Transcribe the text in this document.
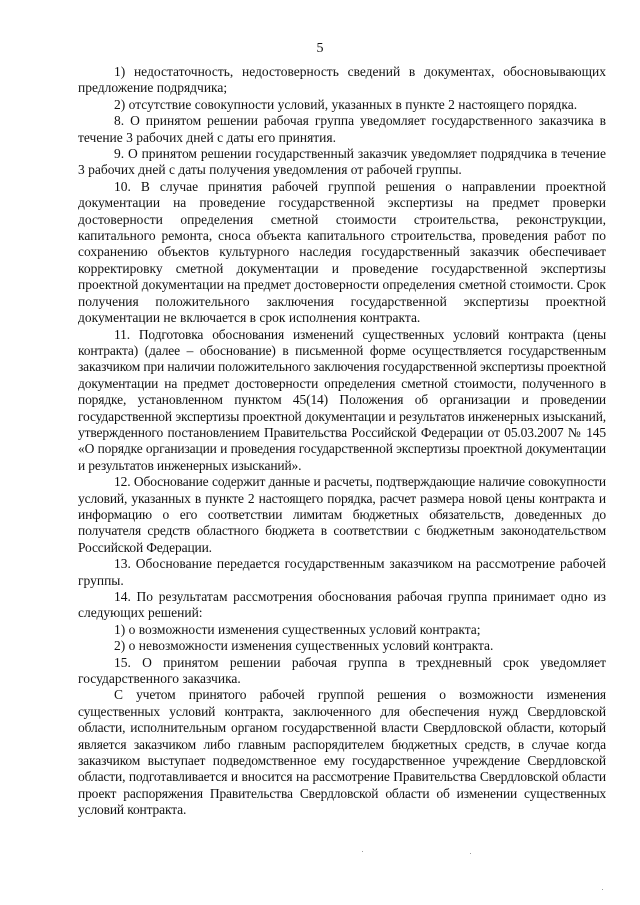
5

1) недостаточность, недостоверность сведений в документах, обосновывающих предложение подрядчика;

2) отсутствие совокупности условий, указанных в пункте 2 настоящего порядка.

8. О принятом решении рабочая группа уведомляет государственного заказчика в течение 3 рабочих дней с даты его принятия.

9. О принятом решении государственный заказчик уведомляет подрядчика в течение 3 рабочих дней с даты получения уведомления от рабочей группы.

10. В случае принятия рабочей группой решения о направлении проектной документации на проведение государственной экспертизы на предмет проверки достоверности определения сметной стоимости строительства, реконструкции, капитального ремонта, сноса объекта капитального строительства, проведения работ по сохранению объектов культурного наследия государственный заказчик обеспечивает корректировку сметной документации и проведение государственной экспертизы проектной документации на предмет достоверности определения сметной стоимости. Срок получения положительного заключения государственной экспертизы проектной документации не включается в срок исполнения контракта.

11. Подготовка обоснования изменений существенных условий контракта (цены контракта) (далее – обоснование) в письменной форме осуществляется государственным заказчиком при наличии положительного заключения государственной экспертизы проектной документации на предмет достоверности определения сметной стоимости, полученного в порядке, установленном пунктом 45(14) Положения об организации и проведении государственной экспертизы проектной документации и результатов инженерных изысканий, утвержденного постановлением Правительства Российской Федерации от 05.03.2007 № 145 «О порядке организации и проведения государственной экспертизы проектной документации и результатов инженерных изысканий».

12. Обоснование содержит данные и расчеты, подтверждающие наличие совокупности условий, указанных в пункте 2 настоящего порядка, расчет размера новой цены контракта и информацию о его соответствии лимитам бюджетных обязательств, доведенных до получателя средств областного бюджета в соответствии с бюджетным законодательством Российской Федерации.

13. Обоснование передается государственным заказчиком на рассмотрение рабочей группы.

14. По результатам рассмотрения обоснования рабочая группа принимает одно из следующих решений:

1) о возможности изменения существенных условий контракта;

2) о невозможности изменения существенных условий контракта.

15. О принятом решении рабочая группа в трехдневный срок уведомляет государственного заказчика.

С учетом принятого рабочей группой решения о возможности изменения существенных условий контракта, заключенного для обеспечения нужд Свердловской области, исполнительным органом государственной власти Свердловской области, который является заказчиком либо главным распорядителем бюджетных средств, в случае когда заказчиком выступает подведомственное ему государственное учреждение Свердловской области, подготавливается и вносится на рассмотрение Правительства Свердловской области проект распоряжения Правительства Свердловской области об изменении существенных условий контракта.
